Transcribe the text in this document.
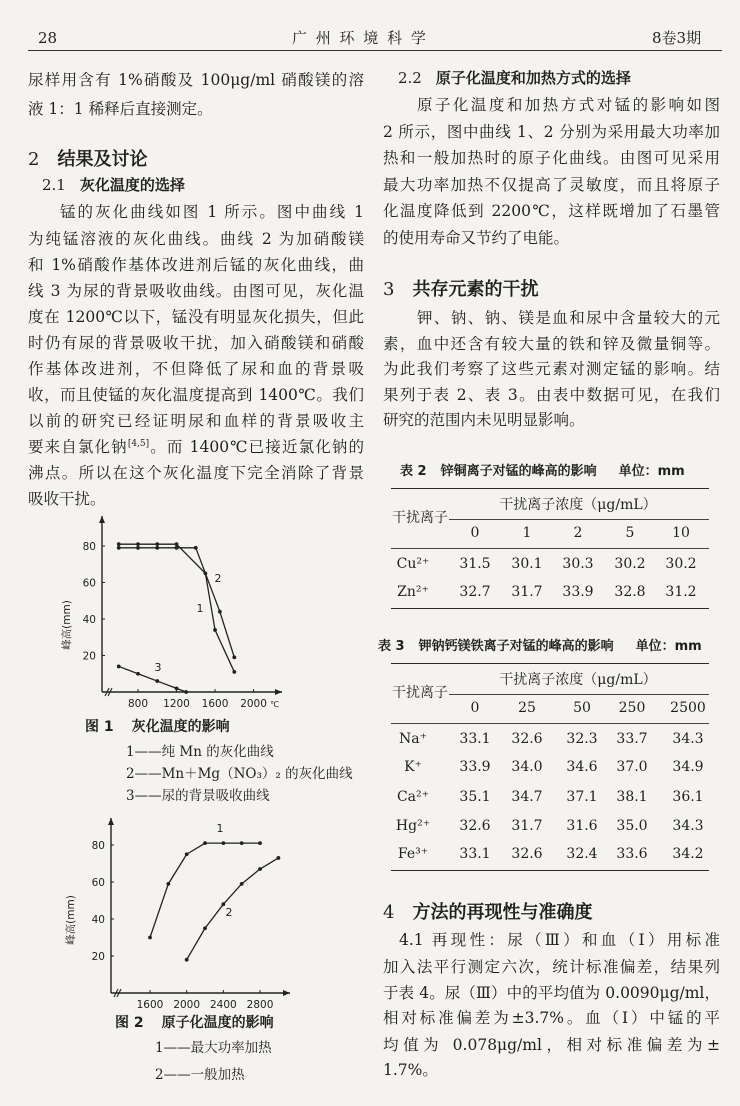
28	广 州 环 境 科 学	8卷3期
2 结果及讨论
2.1 灰化温度的选择
2.2 原子化温度和加热方式的选择
3 共存元素的干扰
4 方法的再现性与准确度
20
40
60
80
800 1200 1600 2000
峰高(mm)
℃
1
2
3
图 1 灰化温度的影响
1——纯 Mn 的灰化曲线
2——Mn＋Mg（NO₃）₂ 的灰化曲线
3——尿的背景吸收曲线
20
40
60
80
1600 2000 2400 2800
峰高(mm)
1
2
图 2 原子化温度的影响
1——最大功率加热
2——一般加热
尿样用含有 1%硝酸及 100μg/ml 硝酸镁的溶
液 1：1 稀释后直接测定。
锰的灰化曲线如图 1 所示。图中曲线 1
为纯锰溶液的灰化曲线。曲线 2 为加硝酸镁
和 1%硝酸作基体改进剂后锰的灰化曲线，曲
线 3 为尿的背景吸收曲线。由图可见，灰化温
度在 1200℃以下，锰没有明显灰化损失，但此
时仍有尿的背景吸收干扰，加入硝酸镁和硝酸
作基体改进剂，不但降低了尿和血的背景吸
收，而且使锰的灰化温度提高到 1400℃。我们
以前的研究已经证明尿和血样的背景吸收主
要来自氯化钠[4,5]。而 1400℃已接近氯化钠的
沸点。所以在这个灰化温度下完全消除了背景
吸收干扰。
原子化温度和加热方式对锰的影响如图
2 所示，图中曲线 1、2 分别为采用最大功率加
热和一般加热时的原子化曲线。由图可见采用
最大功率加热不仅提高了灵敏度，而且将原子
化温度降低到 2200℃，这样既增加了石墨管
的使用寿命又节约了电能。
钾、钠、钠、镁是血和尿中含量较大的元
素，血中还含有较大量的铁和锌及微量铜等。
为此我们考察了这些元素对测定锰的影响。结
果列于表 2、表 3。由表中数据可见，在我们
研究的范围内未见明显影响。
4.1 再现性：尿（Ⅲ）和血（Ⅰ）用标准
加入法平行测定六次，统计标准偏差，结果列
于表 4。尿（Ⅲ）中的平均值为 0.0090μg/ml，
相对标准偏差为±3.7%。血（Ⅰ）中锰的平
均值为 0.078μg/ml，相对标准偏差为±
1.7%。
表 2 锌铜离子对锰的峰高的影响 单位：mm
干扰离子浓度（μg/mL）
干扰离子
0	1	2	5	10
Cu²⁺	31.5	30.1	30.3	30.2	30.2
Zn²⁺	32.7	31.7	33.9	32.8	31.2
表 3 钾钠钙镁铁离子对锰的峰高的影响 单位：mm
干扰离子浓度（μg/mL）
干扰离子
0	25	50	250	2500
Na⁺	33.1	32.6	32.3	33.7	34.3
K⁺	33.9	34.0	34.6	37.0	34.9
Ca²⁺	35.1	34.7	37.1	38.1	36.1
Hg²⁺	32.6	31.7	31.6	35.0	34.3
Fe³⁺	33.1	32.6	32.4	33.6	34.2
